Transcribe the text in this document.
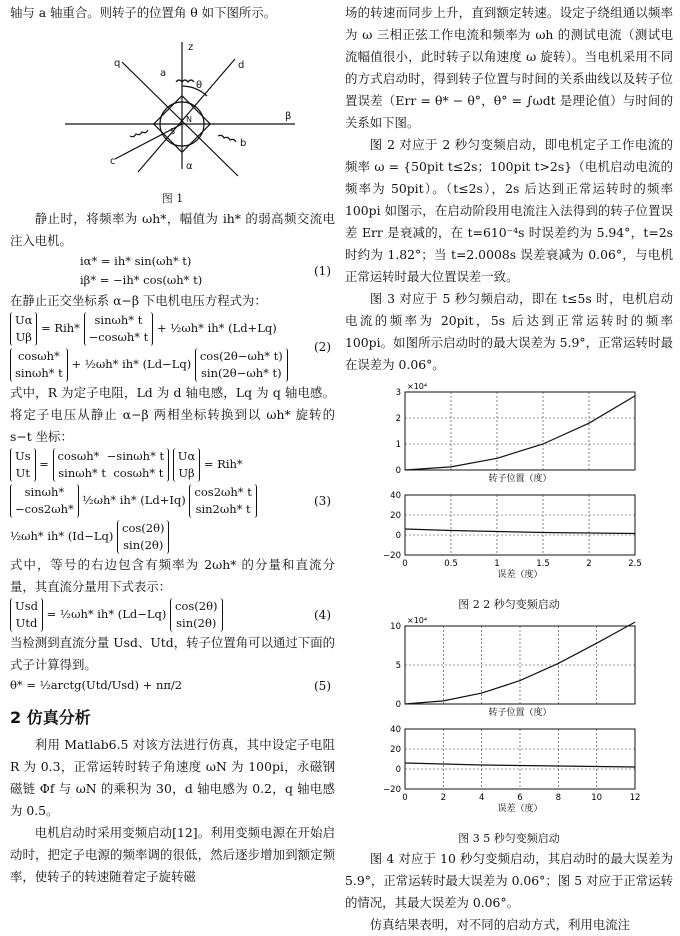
轴与 a 轴重合。则转子的位置角 θ 如下图所示。

z
d
q
a
b
c
β
α
θ
N
S
图 1

静止时，将频率为 ωh*，幅值为 ih* 的弱高频交流电注入电机。

iα* = ih* sin(ωh* t)
iβ* = −ih* cos(ωh* t)
(1)

在静止正交坐标系 α−β 下电机电压方程式为：

Uα
Uβ = Rih* sinωh* t
−cosωh* t + ½ωh* ih* (Ld+Lq)
cosωh*
sinωh* t + ½ωh* ih* (Ld−Lq) cos(2θ−ωh* t)
sin(2θ−ωh* t)
(2)

式中，R 为定子电阻，Ld 为 d 轴电感，Lq 为 q 轴电感。将定子电压从静止 α−β 两相坐标转换到以 ωh* 旋转的 s−t 坐标：

Us
Ut = cosωh* −sinωh* t
sinωh* t cosωh* t Uα
Uβ = Rih*
sinωh*
−cos2ωh* ½ωh* ih* (Ld+Iq) cos2ωh* t
sin2ωh* t
½ωh* ih* (Id−Lq) cos(2θ)
sin(2θ)
(3)

式中，等号的右边包含有频率为 2ωh* 的分量和直流分量，其直流分量用下式表示：

Usd
Utd = ½ωh* ih* (Ld−Lq) cos(2θ)
sin(2θ)
(4)

当检测到直流分量 Usd、Utd，转子位置角可以通过下面的式子计算得到。

θ* = ½arctg(Utd/Usd) + nπ/2	(5)
2 仿真分析

利用 Matlab6.5 对该方法进行仿真，其中设定子电阻 R 为 0.3，正常运转时转子角速度 ωN 为 100pi，永磁钢磁链 Φf 与 ωN 的乘积为 30，d 轴电感为 0.2，q 轴电感为 0.5。

电机启动时采用变频启动[12]。利用变频电源在开始启动时，把定子电源的频率调的很低，然后逐步增加到额定频率，使转子的转速随着定子旋转磁

场的转速而同步上升，直到额定转速。设定子绕组通以频率为 ω 三相正弦工作电流和频率为 ωh 的测试电流（测试电流幅值很小，此时转子以角速度 ω 旋转）。当电机采用不同的方式启动时，得到转子位置与时间的关系曲线以及转子位置误差（Err = θ* − θ°，θ° = ∫ωdt 是理论值）与时间的关系如下图。

图 2 对应于 2 秒匀变频启动，即电机定子工作电流的频率 ω = {50pit t≤2s；100pit t>2s}（电机启动电流的频率为 50pit）。（t≤2s），2s 后达到正常运转时的频率 100pi 如图示，在启动阶段用电流注入法得到的转子位置误差 Err 是衰减的，在 t=610⁻⁴s 时误差约为 5.94°，t=2s 时约为 1.82°；当 t=2.0008s 误差衰减为 0.06°，与电机正常运转时最大位置误差一致。

图 3 对应于 5 秒匀频启动，即在 t≤5s 时，电机启动电流的频率为 20pit，5s 后达到正常运转时的频率 100pi。如图所示启动时的最大误差为 5.9°，正常运转时最在误差为 0.06°。

3
2
1
0
×10⁴
转子位置（度）
40
20
0
−20
0	0.5	1	1.5	2	2.5
误差（度）
图 2 2 秒匀变频启动
10
5
0
×10⁴
转子位置（度）
40
20
0
−20
0	2	4	6	8	10	12
误差（度）
图 3 5 秒匀变频启动

图 4 对应于 10 秒匀变频启动，其启动时的最大误差为 5.9°，正常运转时最大误差为 0.06°；图 5 对应于正常运转的情况，其最大误差为 0.06°。

仿真结果表明，对不同的启动方式，利用电流注
